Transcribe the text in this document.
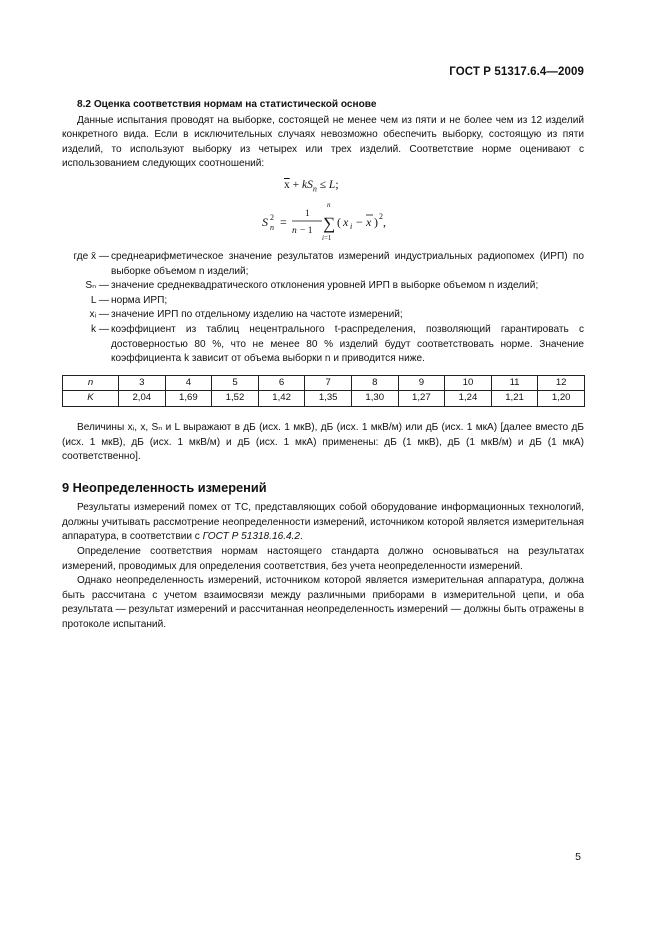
ГОСТ Р 51317.6.4—2009
8.2 Оценка соответствия нормам на статистической основе

Данные испытания проводят на выборке, состоящей не менее чем из пяти и не более чем из 12 изделий конкретного вида. Если в исключительных случаях невозможно обеспечить выборку, состоящую из пяти изделий, то используют выборку из четырех или трех изделий. Соответствие норме оценивают с использованием следующих соотношений:

$\overline{x} + kS_n \le L$;
S 2
n =
1
n − 1
n
∑
i=1
( x i − x ) 2 ,
где x̄ — среднеарифметическое значение результатов измерений индустриальных радиопомех (ИРП) по выборке объемом n изделий;
Sₙ — значение среднеквадратического отклонения уровней ИРП в выборке объемом n изделий;
L — норма ИРП;
xᵢ — значение ИРП по отдельному изделию на частоте измерений;
k — коэффициент из таблиц нецентрального t-распределения, позволяющий гарантировать с достоверностью 80 %, что не менее 80 % изделий будут соответствовать норме. Значение коэффициента k зависит от объема выборки n и приводится ниже.
n	3	4	5	6	7	8	9	10	11	12
K	2,04	1,69	1,52	1,42	1,35	1,30	1,27	1,24	1,21	1,20

Величины xᵢ, x, Sₙ и L выражают в дБ (исх. 1 мкВ), дБ (исх. 1 мкВ/м) или дБ (исх. 1 мкА) [далее вместо дБ (исх. 1 мкВ), дБ (исх. 1 мкВ/м) и дБ (исх. 1 мкА) применены: дБ (1 мкВ), дБ (1 мкВ/м) и дБ (1 мкА) соответственно].

9 Неопределенность измерений

Результаты измерений помех от ТС, представляющих собой оборудование информационных технологий, должны учитывать рассмотрение неопределенности измерений, источником которой является измерительная аппаратура, в соответствии с ГОСТ Р 51318.16.4.2.

Определение соответствия нормам настоящего стандарта должно основываться на результатах измерений, проводимых для определения соответствия, без учета неопределенности измерений.

Однако неопределенность измерений, источником которой является измерительная аппаратура, должна быть рассчитана с учетом взаимосвязи между различными приборами в измерительной цепи, и оба результата — результат измерений и рассчитанная неопределенность измерений — должны быть отражены в протоколе испытаний.

5
